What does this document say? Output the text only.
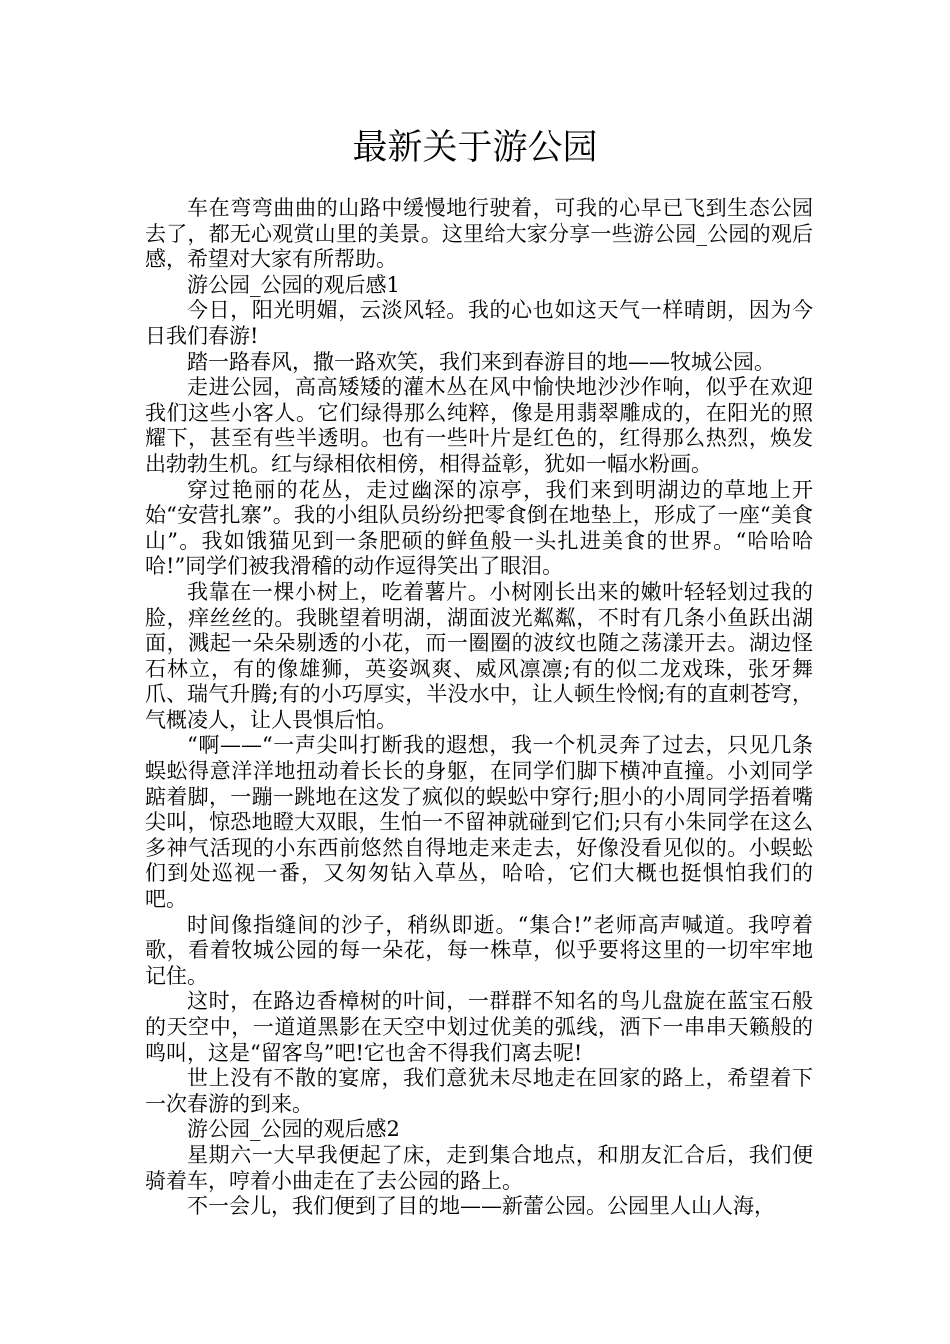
最新关于游公园

车在弯弯曲曲的山路中缓慢地行驶着，可我的心早已飞到生态公园去了，都无心观赏山里的美景。这里给大家分享一些游公园_公园的观后感，希望对大家有所帮助。

游公园_公园的观后感1

今日，阳光明媚，云淡风轻。我的心也如这天气一样晴朗，因为今日我们春游!

踏一路春风，撒一路欢笑，我们来到春游目的地——牧城公园。

走进公园，高高矮矮的灌木丛在风中愉快地沙沙作响，似乎在欢迎我们这些小客人。它们绿得那么纯粹，像是用翡翠雕成的，在阳光的照耀下，甚至有些半透明。也有一些叶片是红色的，红得那么热烈，焕发出勃勃生机。红与绿相依相傍，相得益彰，犹如一幅水粉画。

穿过艳丽的花丛，走过幽深的凉亭，我们来到明湖边的草地上开始“安营扎寨”。我的小组队员纷纷把零食倒在地垫上，形成了一座“美食山”。我如饿猫见到一条肥硕的鲜鱼般一头扎进美食的世界。“哈哈哈哈!”同学们被我滑稽的动作逗得笑出了眼泪。

我靠在一棵小树上，吃着薯片。小树刚长出来的嫩叶轻轻划过我的脸，痒丝丝的。我眺望着明湖，湖面波光粼粼，不时有几条小鱼跃出湖面，溅起一朵朵剔透的小花，而一圈圈的波纹也随之荡漾开去。湖边怪石林立，有的像雄狮，英姿飒爽、威风凛凛;有的似二龙戏珠，张牙舞爪、瑞气升腾;有的小巧厚实，半没水中，让人顿生怜悯;有的直刺苍穹，气概凌人，让人畏惧后怕。

“啊——“一声尖叫打断我的遐想，我一个机灵奔了过去，只见几条蜈蚣得意洋洋地扭动着长长的身躯，在同学们脚下横冲直撞。小刘同学踮着脚，一蹦一跳地在这发了疯似的蜈蚣中穿行;胆小的小周同学捂着嘴尖叫，惊恐地瞪大双眼，生怕一不留神就碰到它们;只有小朱同学在这么多神气活现的小东西前悠然自得地走来走去，好像没看见似的。小蜈蚣们到处巡视一番，又匆匆钻入草丛，哈哈，它们大概也挺惧怕我们的吧。

时间像指缝间的沙子，稍纵即逝。“集合!”老师高声喊道。我哼着歌，看着牧城公园的每一朵花，每一株草，似乎要将这里的一切牢牢地记住。

这时，在路边香樟树的叶间，一群群不知名的鸟儿盘旋在蓝宝石般的天空中，一道道黑影在天空中划过优美的弧线，洒下一串串天籁般的鸣叫，这是“留客鸟”吧!它也舍不得我们离去呢!

世上没有不散的宴席，我们意犹未尽地走在回家的路上，希望着下一次春游的到来。

游公园_公园的观后感2

星期六一大早我便起了床，走到集合地点，和朋友汇合后，我们便骑着车，哼着小曲走在了去公园的路上。

不一会儿，我们便到了目的地——新蕾公园。公园里人山人海，
